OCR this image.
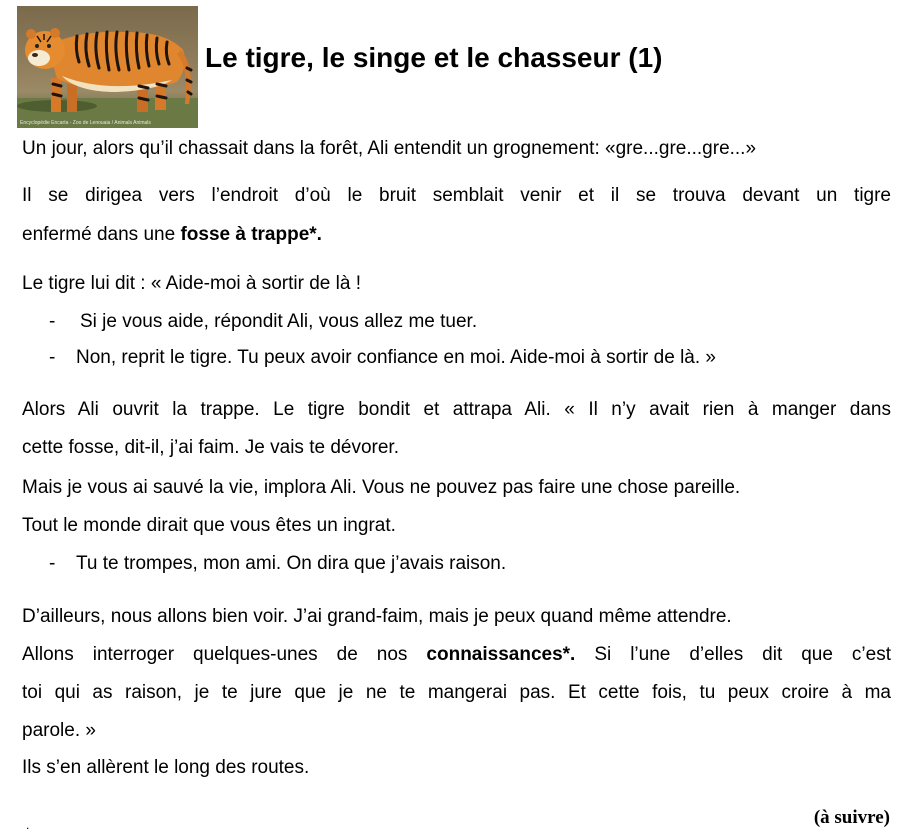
Encyclopédie Encarta - Zoo de Lenouaia / Animals Animals
Le tigre, le singe et le chasseur (1)
Un jour, alors qu’il chassait dans la forêt, Ali entendit un grognement: «gre...gre...gre...»
Il se dirigea vers l’endroit d’où le bruit semblait venir et il se trouva devant un tigre
enfermé dans une fosse à trappe*.
Le tigre lui dit : « Aide-moi à sortir de là !
- Si je vous aide, répondit Ali, vous allez me tuer.
- Non, reprit le tigre. Tu peux avoir confiance en moi. Aide-moi à sortir de là. »
Alors Ali ouvrit la trappe. Le tigre bondit et attrapa Ali. « Il n’y avait rien à manger dans
cette fosse, dit-il, j’ai faim. Je vais te dévorer.
Mais je vous ai sauvé la vie, implora Ali. Vous ne pouvez pas faire une chose pareille.
Tout le monde dirait que vous êtes un ingrat.
- Tu te trompes, mon ami. On dira que j’avais raison.
D’ailleurs, nous allons bien voir. J’ai grand-faim, mais je peux quand même attendre.
Allons interroger quelques-unes de nos connaissances*. Si l’une d’elles dit que c’est
toi qui as raison, je te jure que je ne te mangerai pas. Et cette fois, tu peux croire à ma
parole. »
Ils s’en allèrent le long des routes.
(à suivre)
.
